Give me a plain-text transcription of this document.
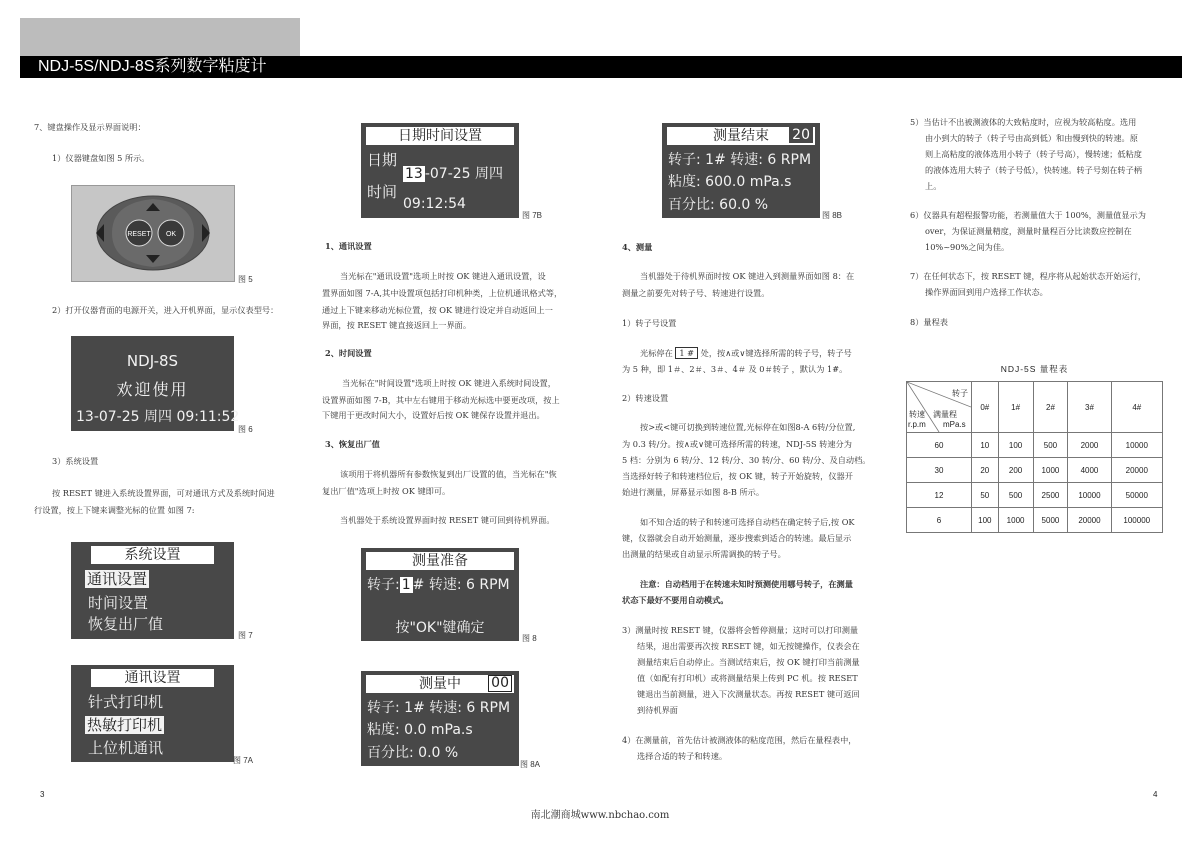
NDJ-5S/NDJ-8S系列数字粘度计
7、键盘操作及显示界面说明：
1）仪器键盘如图 5 所示。
RESET OK
图 5
2）打开仪器背面的电源开关，进入开机界面，显示仪表型号：
NDJ-8S
欢迎使用
13-07-25 周四 09:11:52
图 6
3）系统设置
按 RESET 键进入系统设置界面，可对通讯方式及系统时间进
行设置，按上下键来调整光标的位置 如图 7:
系统设置
通讯设置
时间设置
恢复出厂值
图 7
通讯设置
针式打印机
热敏打印机
上位机通讯
图 7A
日期时间设置
日期
13 -07-25 周四
时间
09:12:54
图 7B
1、通讯设置
当光标在"通讯设置"选项上时按 OK 键进入通讯设置，设
置界面如图 7-A,其中设置项包括打印机种类，上位机通讯格式等，
通过上下键来移动光标位置，按 OK 键进行设定并自动返回上一
界面，按 RESET 键直接返回上一界面。
2、时间设置
当光标在"时间设置"选项上时按 OK 键进入系统时间设置，
设置界面如图 7-B，其中左右键用于移动光标选中要更改项，按上
下键用于更改时间大小，设置好后按 OK 键保存设置并退出。
3、恢复出厂值
该项用于将机器所有参数恢复到出厂设置的值，当光标在"恢
复出厂值"选项上时按 OK 键即可。
当机器处于系统设置界面时按 RESET 键可回到待机界面。
测量准备
转子: 1 # 转速: 6 RPM
按"OK"键确定
图 8
测量中 00
转子: 1# 转速: 6 RPM
粘度: 0.0 mPa.s
百分比: 0.0 %
图 8A
测量结束 20
转子: 1# 转速: 6 RPM
粘度: 600.0 mPa.s
百分比: 60.0 %
图 8B
4、测量
当机器处于待机界面时按 OK 键进入到测量界面如图 8：在
测量之前要先对转子号、转速进行设置。
1）转子号设置
光标停在 1 # 处，按∧或∨键选择所需的转子号，转子号
为 5 种，即 1＃、2＃、3＃、4＃ 及 0＃转子 ，默认为 1#。
2）转速设置
按>或<键可切换到转速位置,光标停在如图8-A 6转/分位置,
为 0.3 转/分。按∧或∨键可选择所需的转速，NDJ-5S 转速分为
5 档：分别为 6 转/分、12 转/分、30 转/分、60 转/分、及自动档。
当选择好转子和转速档位后，按 OK 键，转子开始旋转，仪器开
始进行测量，屏幕显示如图 8-B 所示。
如不知合适的转子和转速可选择自动档在确定转子后,按 OK
键，仪器就会自动开始测量，逐步搜索到适合的转速。最后显示
出测量的结果或自动显示所需调换的转子号。
注意：自动档用于在转速未知时预测使用哪号转子，在测量
状态下最好不要用自动模式。
3）测量时按 RESET 键，仪器将会暂停测量；这时可以打印测量
结果，退出需要再次按 RESET 键，如无按键操作，仪表会在
测量结束后自动停止。当测试结束后，按 OK 键打印当前测量
值（如配有打印机）或将测量结果上传到 PC 机。按 RESET
键退出当前测量，进入下次测量状态。再按 RESET 键可返回
到待机界面
4）在测量前，首先估计被测液体的粘度范围，然后在量程表中，
选择合适的转子和转速。
5）当估计不出被测液体的大致粘度时，应视为较高粘度。选用
由小到大的转子（转子号由高到低）和由慢到快的转速。原
则上高粘度的液体选用小转子（转子号高），慢转速；低粘度
的液体选用大转子（转子号低），快转速。转子号刻在转子柄
上。
6）仪器具有超程报警功能，若测量值大于 100%，测量值显示为
over，为保证测量精度，测量时量程百分比读数应控制在
10%~90%之间为佳。
7）在任何状态下，按 RESET 键，程序将从起始状态开始运行，
操作界面回到用户选择工作状态。
8）量程表
NDJ-5S 量程表
转子
满量程
转速
r.p.m mPa.s	0#	1#	2#	3#	4#
60	10	100	500	2000	10000
30	20	200	1000	4000	20000
12	50	500	2500	10000	50000
6	100	1000	5000	20000	100000
3	4
南北潮商城www.nbchao.com
